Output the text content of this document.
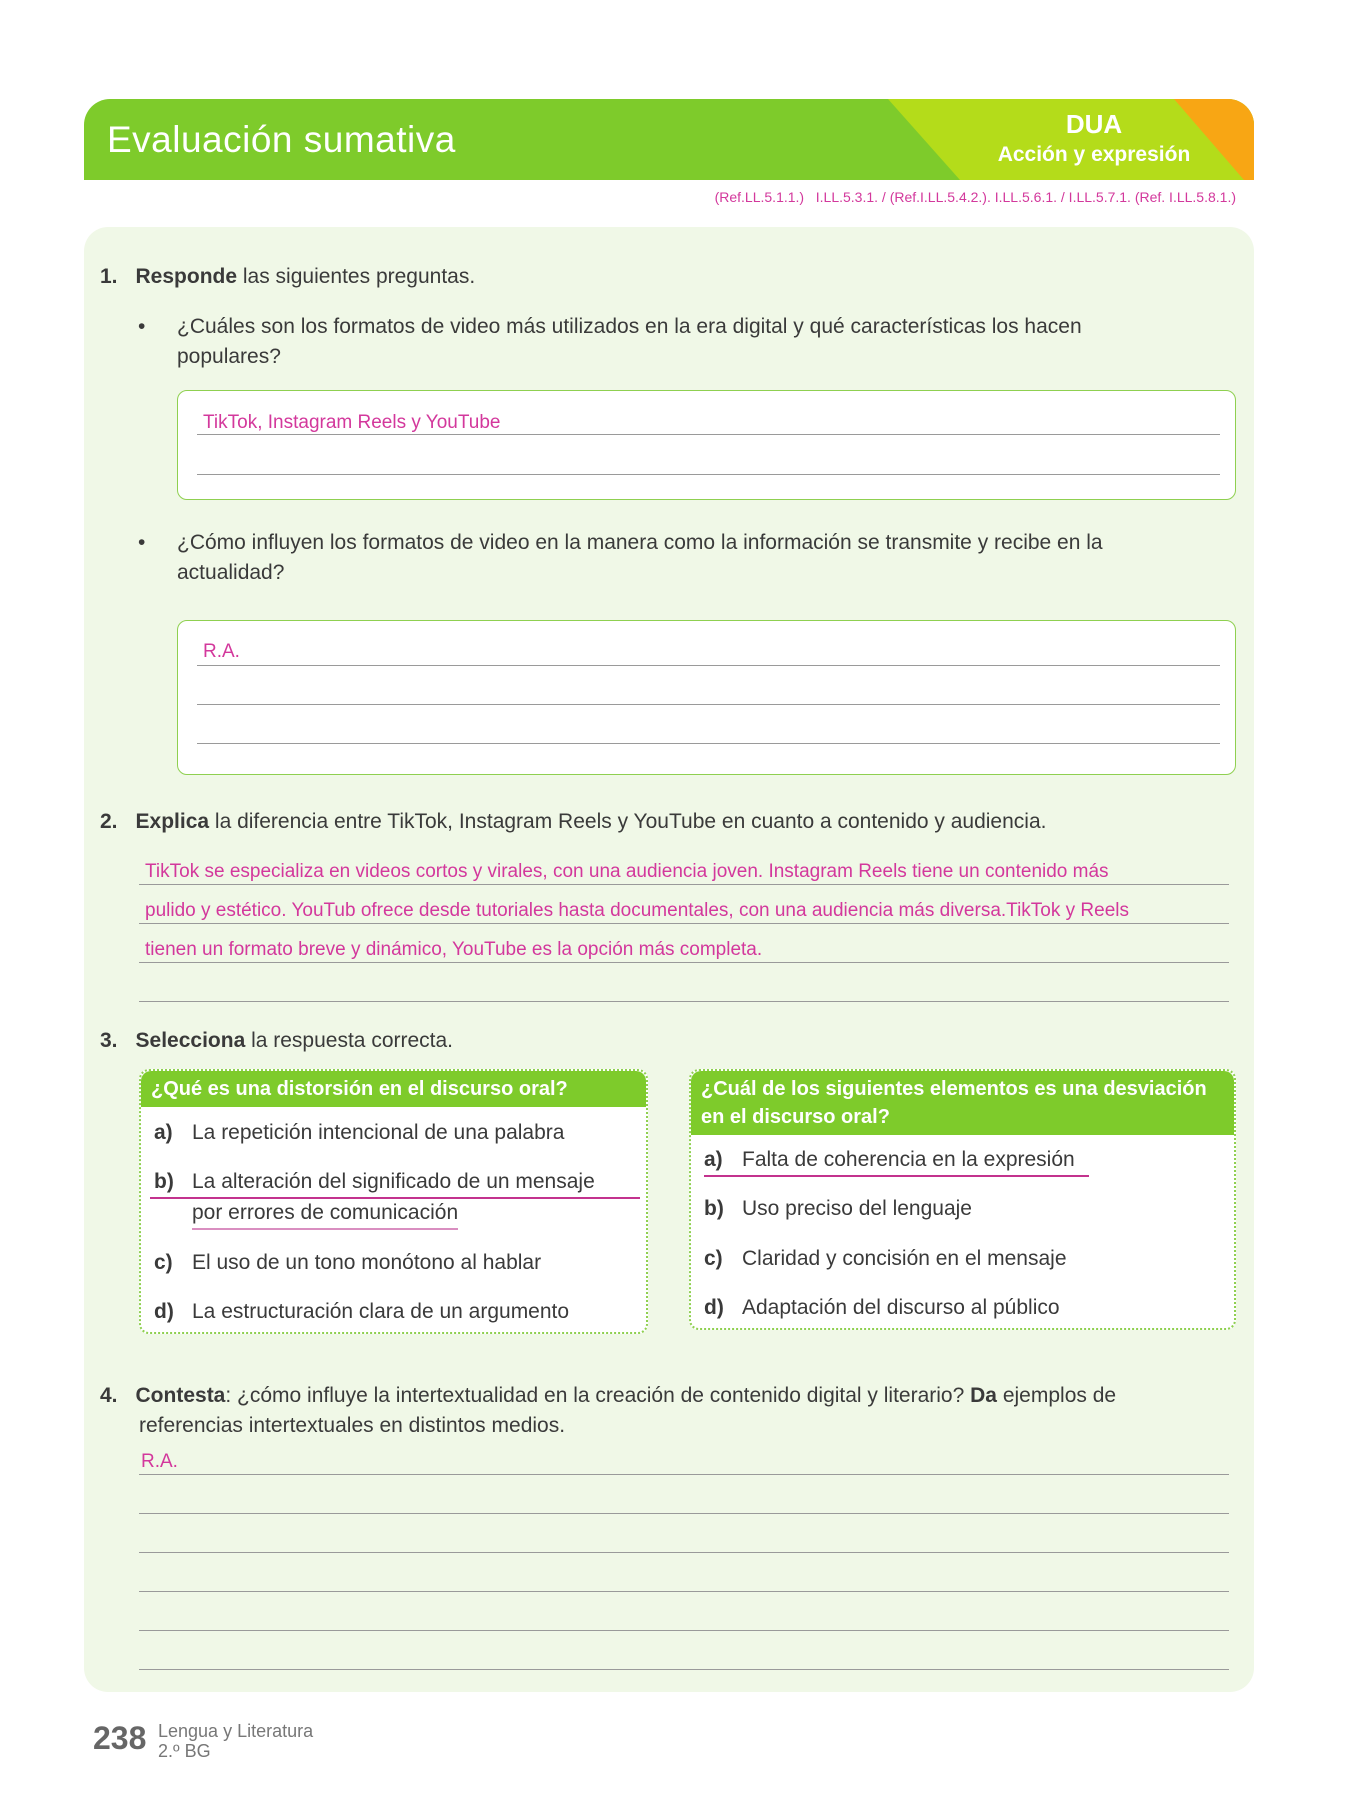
Evaluación sumativa	DUA
Acción y expresión
(Ref.LL.5.1.1.)   I.LL.5.3.1. / (Ref.I.LL.5.4.2.). I.LL.5.6.1. / I.LL.5.7.1. (Ref. I.LL.5.8.1.)
1. Responde las siguientes preguntas.
• ¿Cuáles son los formatos de video más utilizados en la era digital y qué características los hacen
populares?
TikTok, Instagram Reels y YouTube
• ¿Cómo influyen los formatos de video en la manera como la información se transmite y recibe en la
actualidad?
R.A.
2. Explica la diferencia entre TikTok, Instagram Reels y YouTube en cuanto a contenido y audiencia.
TikTok se especializa en videos cortos y virales, con una audiencia joven. Instagram Reels tiene un contenido más
pulido y estético. YouTub ofrece desde tutoriales hasta documentales, con una audiencia más diversa.TikTok y Reels
tienen un formato breve y dinámico, YouTube es la opción más completa.
3. Selecciona la respuesta correcta.
¿Qué es una distorsión en el discurso oral?
a) La repetición intencional de una palabra
b) La alteración del significado de un mensaje
por errores de comunicación
c) El uso de un tono monótono al hablar
d) La estructuración clara de un argumento
¿Cuál de los siguientes elementos es una desviación
en el discurso oral?
a) Falta de coherencia en la expresión
b) Uso preciso del lenguaje
c) Claridad y concisión en el mensaje
d) Adaptación del discurso al público
4. Contesta: ¿cómo influye la intertextualidad en la creación de contenido digital y literario? Da ejemplos de
referencias intertextuales en distintos medios.
R.A.
238 Lengua y Literatura
2.º BG
